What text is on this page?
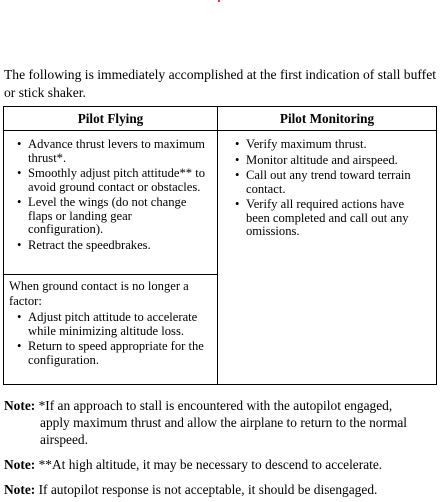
The following is immediately accomplished at the first indication of stall buffet or stick shaker.
Pilot Flying
• Advance thrust levers to maximum thrust*.
• Smoothly adjust pitch attitude** to avoid ground contact or obstacles.
• Level the wings (do not change flaps or landing gear configuration).
• Retract the speedbrakes.
When ground contact is no longer a factor:
• Adjust pitch attitude to accelerate while minimizing altitude loss.
• Return to speed appropriate for the configuration.
Pilot Monitoring
• Verify maximum thrust.
• Monitor altitude and airspeed.
• Call out any trend toward terrain contact.
• Verify all required actions have been completed and call out any omissions.
Note: *If an approach to stall is encountered with the autopilot engaged,
apply maximum thrust and allow the airplane to return to the normal airspeed.
Note: **At high altitude, it may be necessary to descend to accelerate.
Note: If autopilot response is not acceptable, it should be disengaged.
